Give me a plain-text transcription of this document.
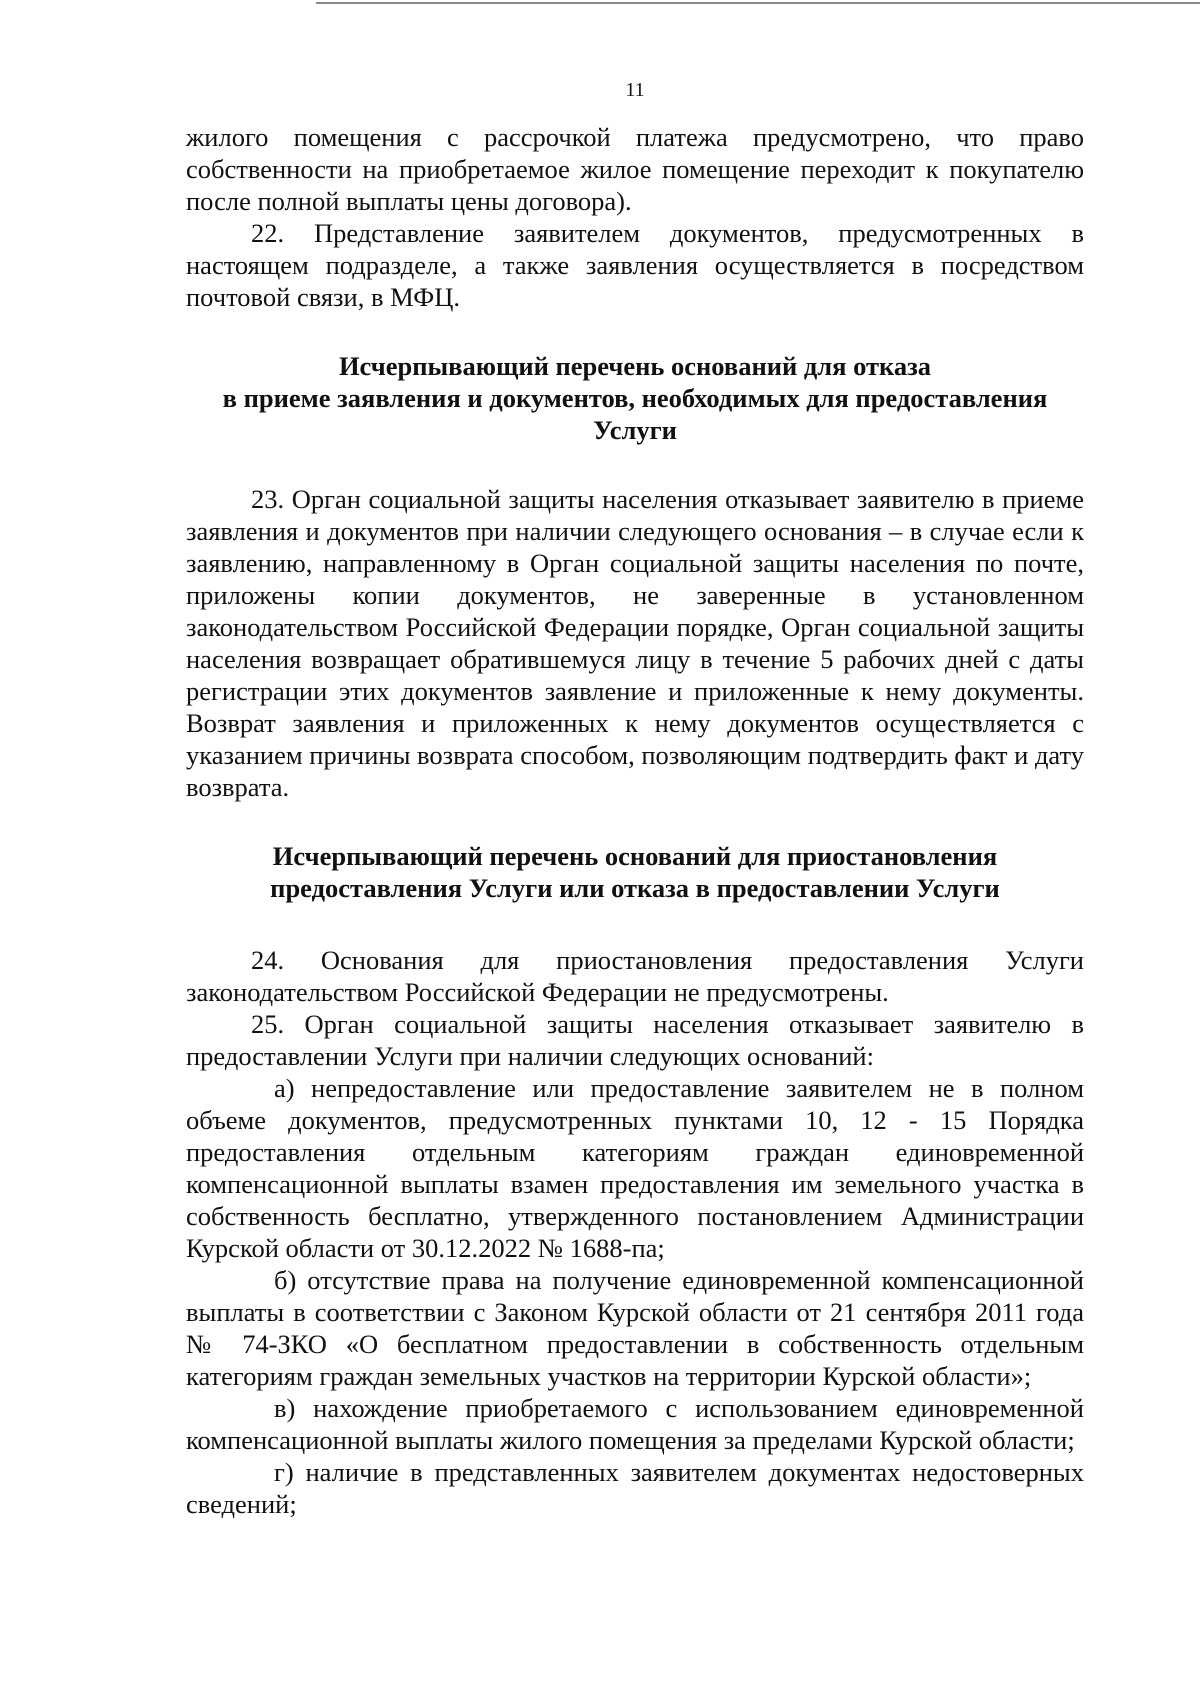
11

жилого помещения с рассрочкой платежа предусмотрено, что право собственности на приобретаемое жилое помещение переходит к покупателю после полной выплаты цены договора).

22. Представление заявителем документов, предусмотренных в настоящем подразделе, а также заявления осуществляется в посредством почтовой связи, в МФЦ.

Исчерпывающий перечень оснований для отказа
в приеме заявления и документов, необходимых для предоставления
Услуги

23. Орган социальной защиты населения отказывает заявителю в приеме заявления и документов при наличии следующего основания – в случае если к заявлению, направленному в Орган социальной защиты населения по почте, приложены копии документов, не заверенные в установленном законодательством Российской Федерации порядке, Орган социальной защиты населения возвращает обратившемуся лицу в течение 5 рабочих дней с даты регистрации этих документов заявление и приложенные к нему документы. Возврат заявления и приложенных к нему документов осуществляется с указанием причины возврата способом, позволяющим подтвердить факт и дату возврата.

Исчерпывающий перечень оснований для приостановления
предоставления Услуги или отказа в предоставлении Услуги

24. Основания для приостановления предоставления Услуги законодательством Российской Федерации не предусмотрены.

25. Орган социальной защиты населения отказывает заявителю в предоставлении Услуги при наличии следующих оснований:

а) непредоставление или предоставление заявителем не в полном объеме документов, предусмотренных пунктами 10, 12 - 15 Порядка предоставления отдельным категориям граждан единовременной компенсационной выплаты взамен предоставления им земельного участка в собственность бесплатно, утвержденного постановлением Администрации Курской области от 30.12.2022 № 1688-па;

б) отсутствие права на получение единовременной компенсационной выплаты в соответствии с Законом Курской области от 21 сентября 2011 года № 74-ЗКО «О бесплатном предоставлении в собственность отдельным категориям граждан земельных участков на территории Курской области»;

в) нахождение приобретаемого с использованием единовременной компенсационной выплаты жилого помещения за пределами Курской области;

г) наличие в представленных заявителем документах недостоверных сведений;
